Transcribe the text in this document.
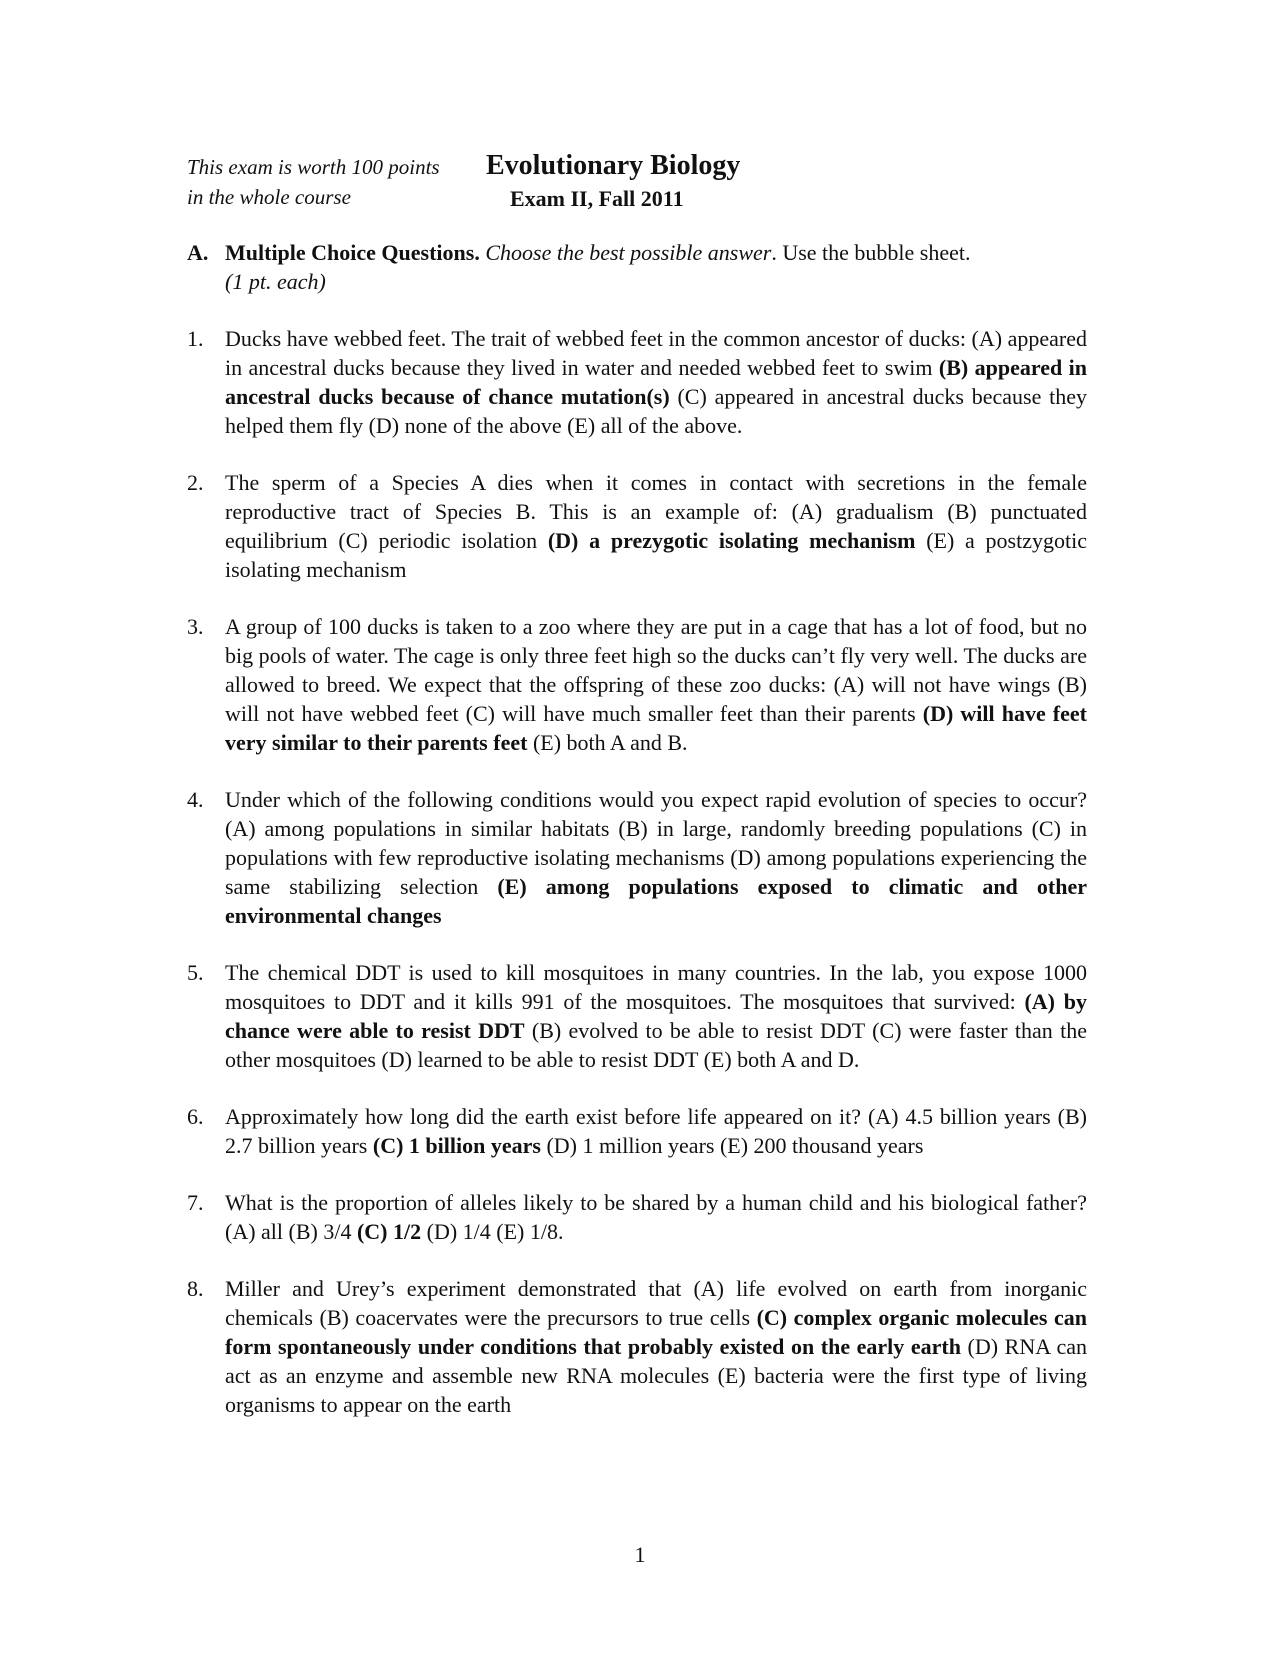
This exam is worth 100 points
in the whole course
Evolutionary Biology
Exam II, Fall 2011
A. Multiple Choice Questions. Choose the best possible answer. Use the bubble sheet.
(1 pt. each)
1. Ducks have webbed feet. The trait of webbed feet in the common ancestor of ducks: (A) appeared in ancestral ducks because they lived in water and needed webbed feet to swim (B) appeared in ancestral ducks because of chance mutation(s) (C) appeared in ancestral ducks because they helped them fly (D) none of the above (E) all of the above.
2. The sperm of a Species A dies when it comes in contact with secretions in the female reproductive tract of Species B. This is an example of: (A) gradualism (B) punctuated equilibrium (C) periodic isolation (D) a prezygotic isolating mechanism (E) a postzygotic isolating mechanism
3. A group of 100 ducks is taken to a zoo where they are put in a cage that has a lot of food, but no big pools of water. The cage is only three feet high so the ducks can’t fly very well. The ducks are allowed to breed. We expect that the offspring of these zoo ducks: (A) will not have wings (B) will not have webbed feet (C) will have much smaller feet than their parents (D) will have feet very similar to their parents feet (E) both A and B.
4. Under which of the following conditions would you expect rapid evolution of species to occur? (A) among populations in similar habitats (B) in large, randomly breeding populations (C) in populations with few reproductive isolating mechanisms (D) among populations experiencing the same stabilizing selection (E) among populations exposed to climatic and other environmental changes
5. The chemical DDT is used to kill mosquitoes in many countries. In the lab, you expose 1000 mosquitoes to DDT and it kills 991 of the mosquitoes. The mosquitoes that survived: (A) by chance were able to resist DDT (B) evolved to be able to resist DDT (C) were faster than the other mosquitoes (D) learned to be able to resist DDT (E) both A and D.
6. Approximately how long did the earth exist before life appeared on it? (A) 4.5 billion years (B) 2.7 billion years (C) 1 billion years (D) 1 million years (E) 200 thousand years
7. What is the proportion of alleles likely to be shared by a human child and his biological father? (A) all (B) 3/4 (C) 1/2 (D) 1/4 (E) 1/8.
8. Miller and Urey’s experiment demonstrated that (A) life evolved on earth from inorganic chemicals (B) coacervates were the precursors to true cells (C) complex organic molecules can form spontaneously under conditions that probably existed on the early earth (D) RNA can act as an enzyme and assemble new RNA molecules (E) bacteria were the first type of living organisms to appear on the earth
1
